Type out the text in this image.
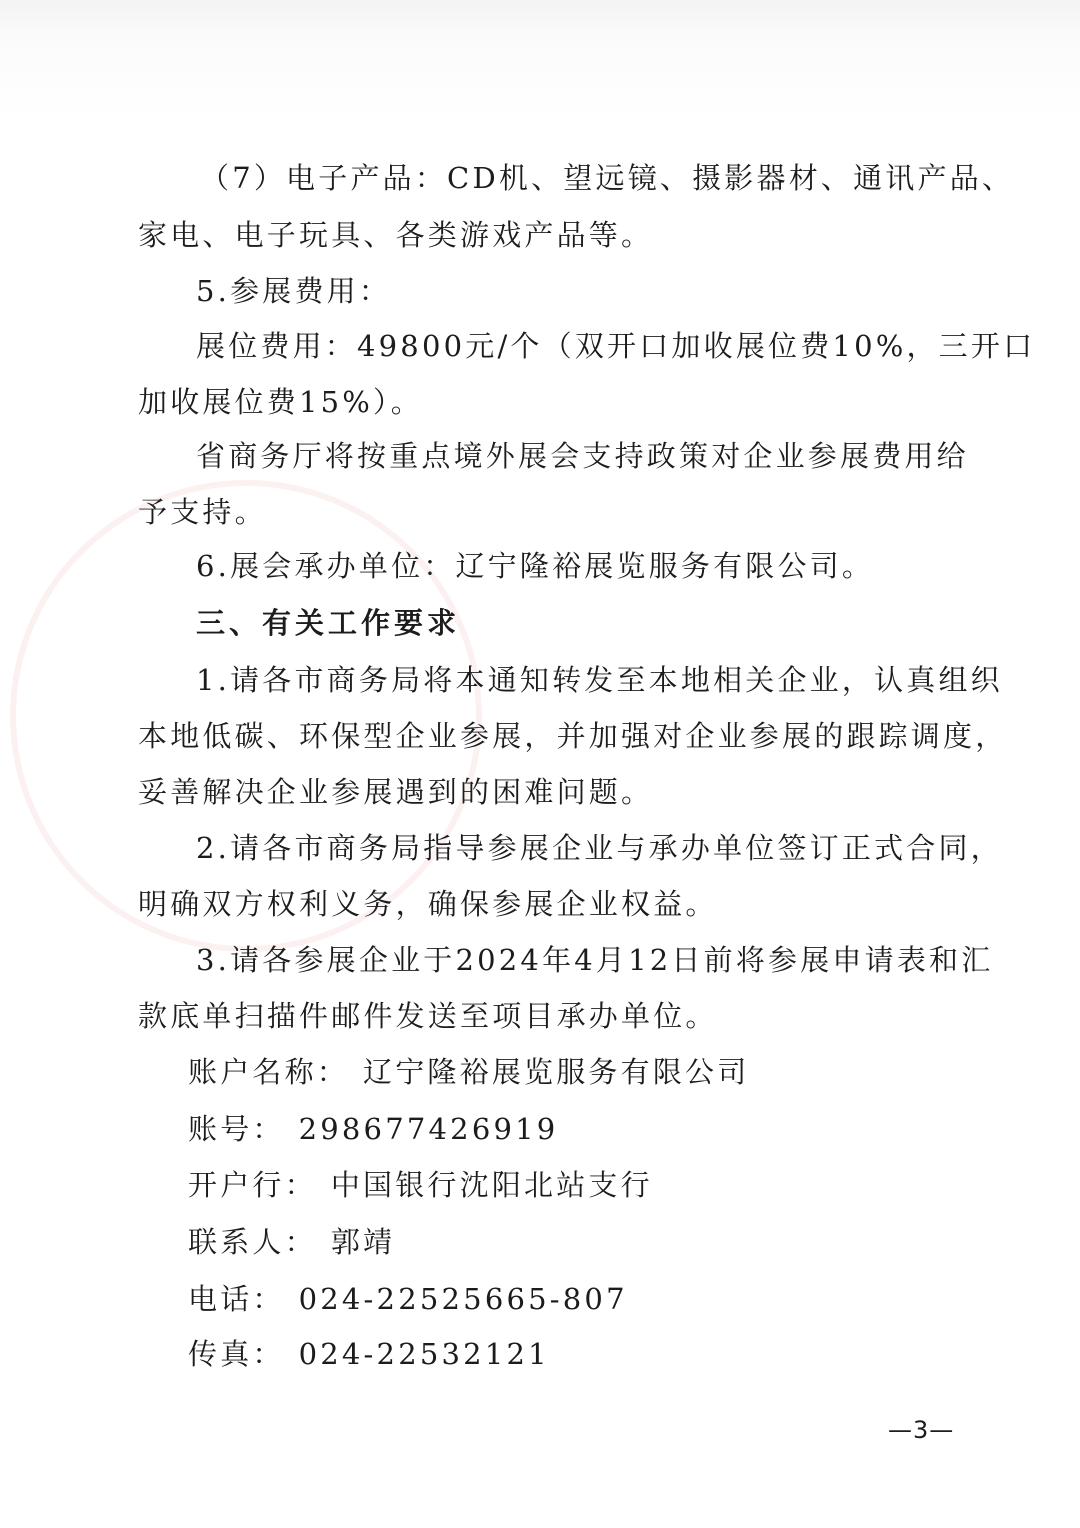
（7）电子产品：CD机、望远镜、摄影器材、通讯产品、
家电、电子玩具、各类游戏产品等。
5.参展费用：
展位费用：49800元/个（双开口加收展位费10%，三开口
加收展位费15%）。
省商务厅将按重点境外展会支持政策对企业参展费用给
予支持。
6.展会承办单位：辽宁隆裕展览服务有限公司。
三、有关工作要求
1.请各市商务局将本通知转发至本地相关企业，认真组织
本地低碳、环保型企业参展，并加强对企业参展的跟踪调度，
妥善解决企业参展遇到的困难问题。
2.请各市商务局指导参展企业与承办单位签订正式合同，
明确双方权利义务，确保参展企业权益。
3.请各参展企业于2024年4月12日前将参展申请表和汇
款底单扫描件邮件发送至项目承办单位。
账户名称： 辽宁隆裕展览服务有限公司
账号： 298677426919
开户行： 中国银行沈阳北站支行
联系人： 郭靖
电话： 024-22525665-807
传真： 024-22532121
—3—
